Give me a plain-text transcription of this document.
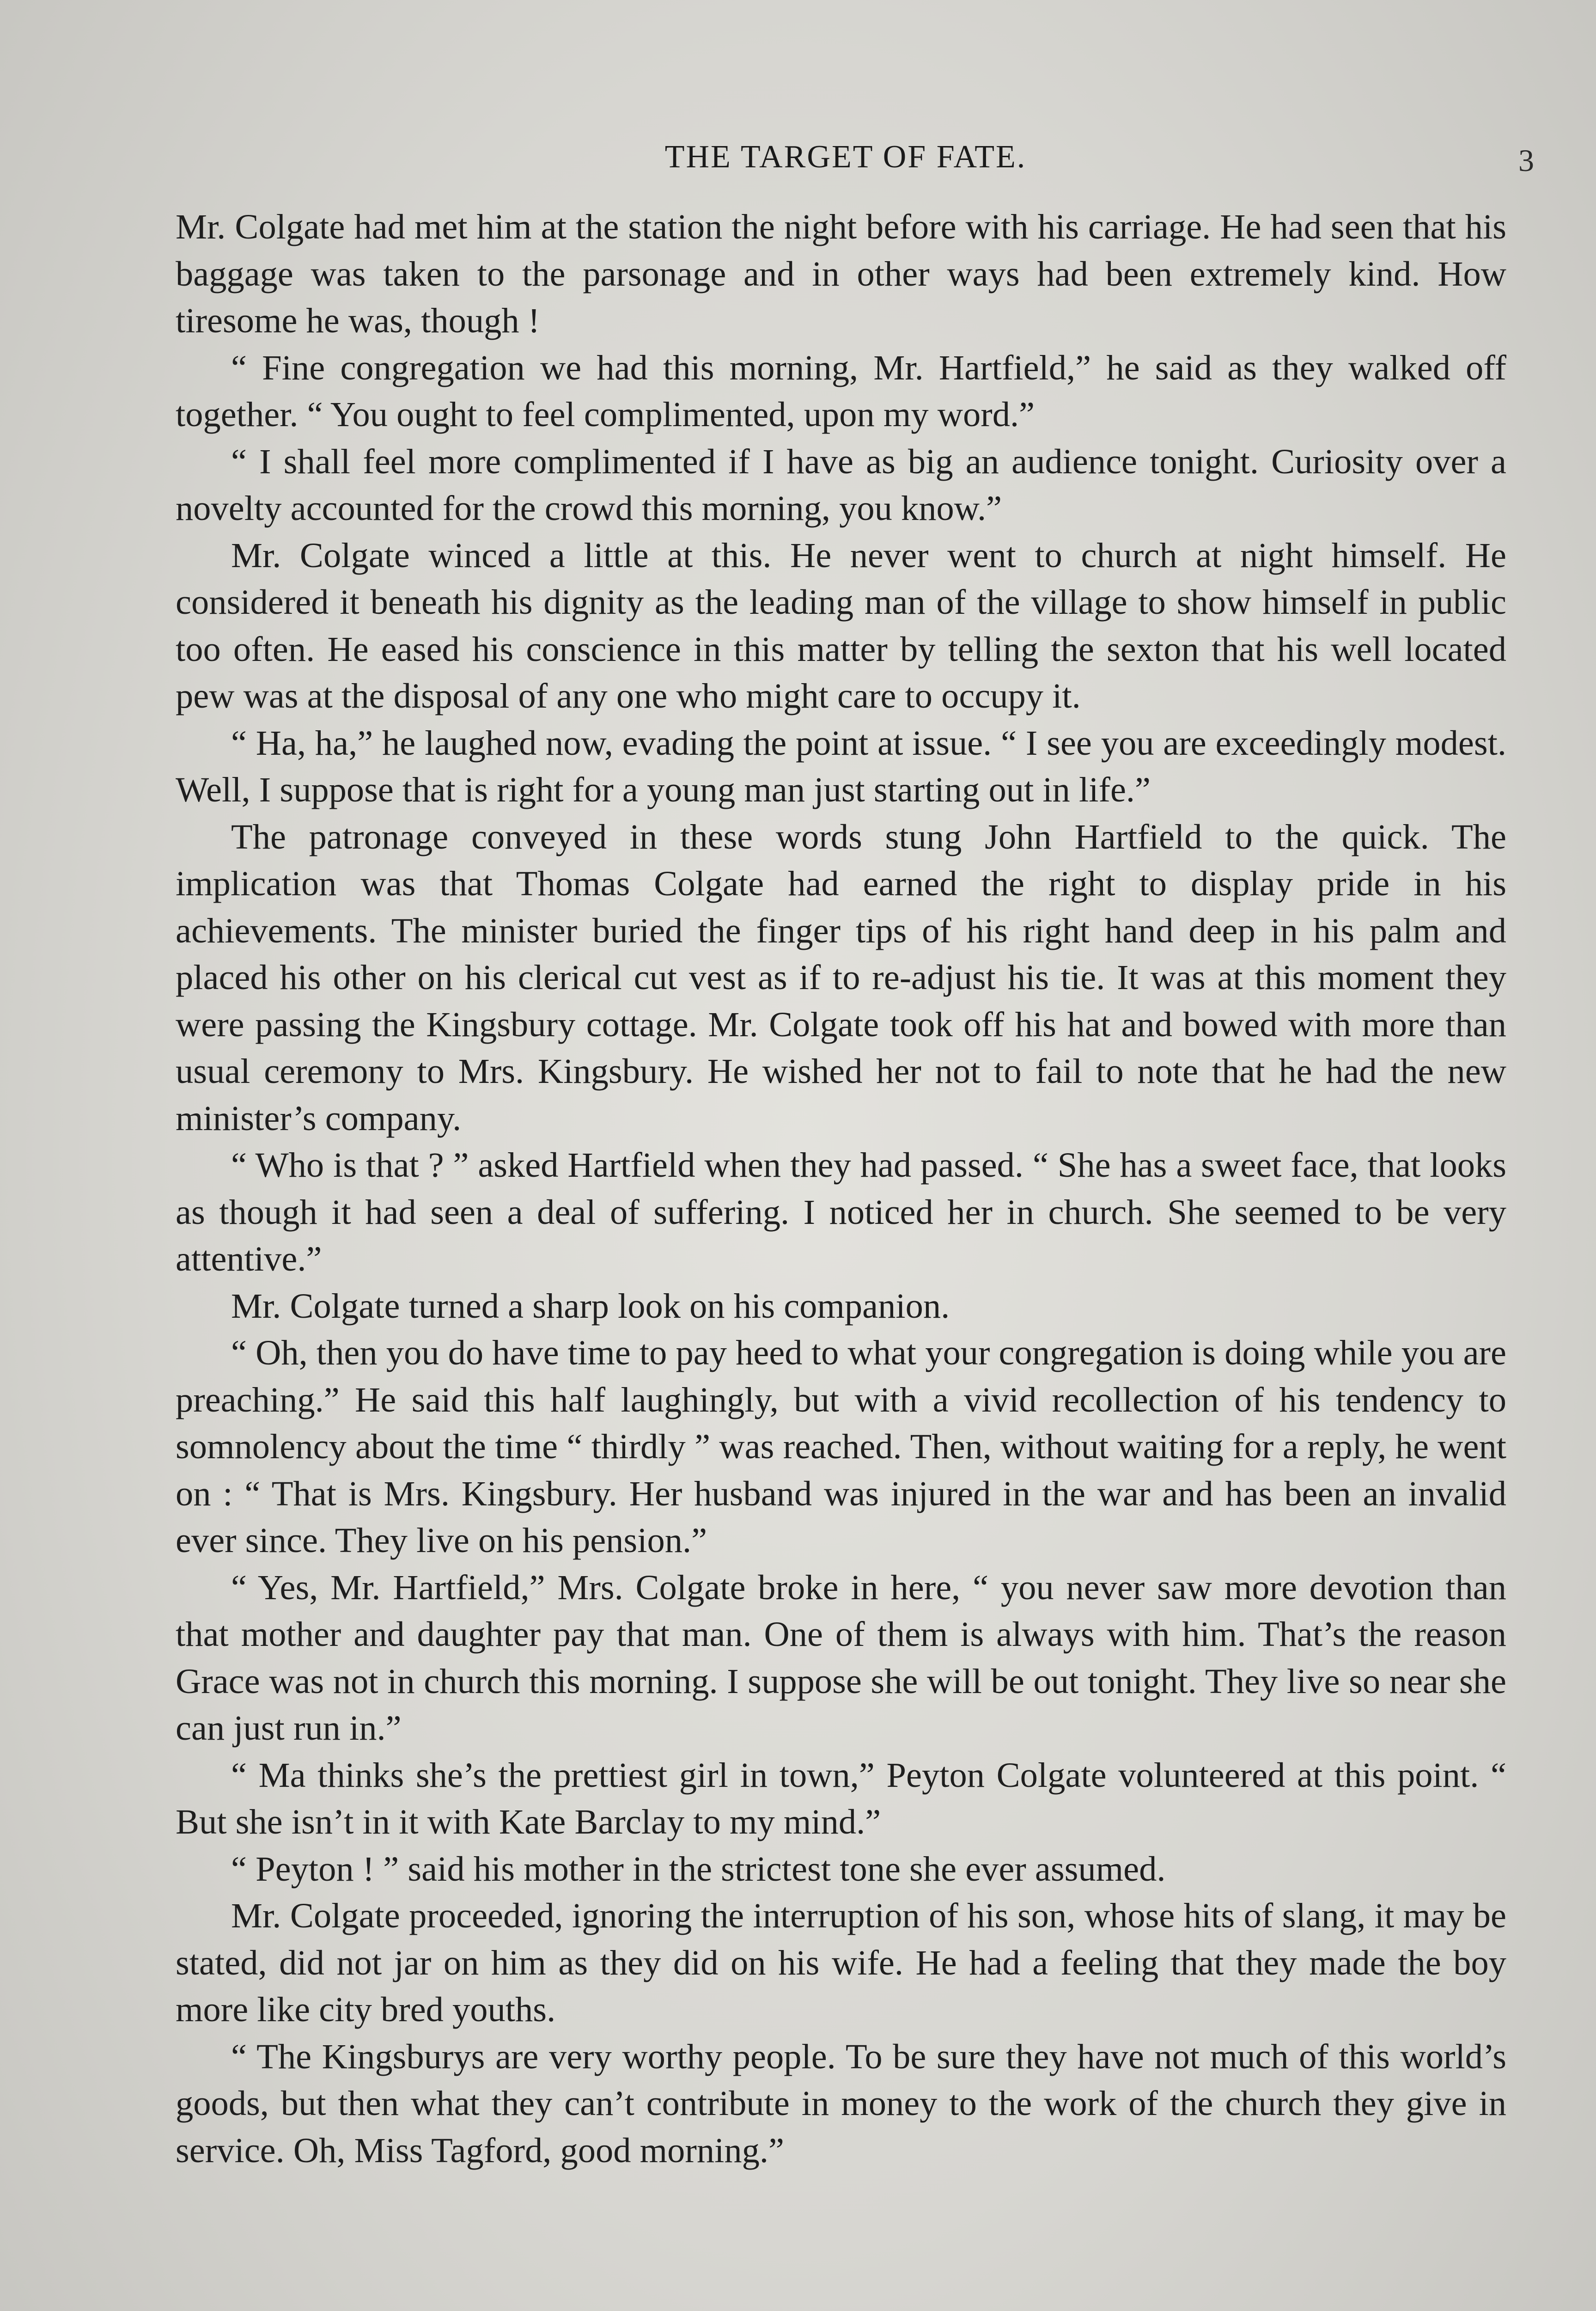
THE TARGET OF FATE.	3

Mr. Colgate had met him at the station the night before with his carriage. He had seen that his baggage was taken to the parsonage and in other ways had been extremely kind. How tiresome he was, though !

“ Fine congregation we had this morning, Mr. Hartfield,” he said as they walked off together. “ You ought to feel complimented, upon my word.”

“ I shall feel more complimented if I have as big an audience tonight. Curiosity over a novelty accounted for the crowd this morning, you know.”

Mr. Colgate winced a little at this. He never went to church at night himself. He considered it beneath his dignity as the leading man of the village to show himself in public too often. He eased his conscience in this matter by telling the sexton that his well located pew was at the disposal of any one who might care to occupy it.

“ Ha, ha,” he laughed now, evading the point at issue. “ I see you are exceedingly modest. Well, I suppose that is right for a young man just starting out in life.”

The patronage conveyed in these words stung John Hartfield to the quick. The implication was that Thomas Colgate had earned the right to display pride in his achievements. The minister buried the finger tips of his right hand deep in his palm and placed his other on his clerical cut vest as if to re-adjust his tie. It was at this moment they were passing the Kingsbury cottage. Mr. Colgate took off his hat and bowed with more than usual ceremony to Mrs. Kingsbury. He wished her not to fail to note that he had the new minister’s company.

“ Who is that ? ” asked Hartfield when they had passed. “ She has a sweet face, that looks as though it had seen a deal of suffering. I noticed her in church. She seemed to be very attentive.”

Mr. Colgate turned a sharp look on his companion.

“ Oh, then you do have time to pay heed to what your congregation is doing while you are preaching.” He said this half laughingly, but with a vivid recollection of his tendency to somnolency about the time “ thirdly ” was reached. Then, without waiting for a reply, he went on : “ That is Mrs. Kingsbury. Her husband was injured in the war and has been an invalid ever since. They live on his pension.”

“ Yes, Mr. Hartfield,” Mrs. Colgate broke in here, “ you never saw more devotion than that mother and daughter pay that man. One of them is always with him. That’s the reason Grace was not in church this morning. I suppose she will be out tonight. They live so near she can just run in.”

“ Ma thinks she’s the prettiest girl in town,” Peyton Colgate volunteered at this point. “ But she isn’t in it with Kate Barclay to my mind.”

“ Peyton ! ” said his mother in the strictest tone she ever assumed.

Mr. Colgate proceeded, ignoring the interruption of his son, whose hits of slang, it may be stated, did not jar on him as they did on his wife. He had a feeling that they made the boy more like city bred youths.

“ The Kingsburys are very worthy people. To be sure they have not much of this world’s goods, but then what they can’t contribute in money to the work of the church they give in service. Oh, Miss Tagford, good morning.”
